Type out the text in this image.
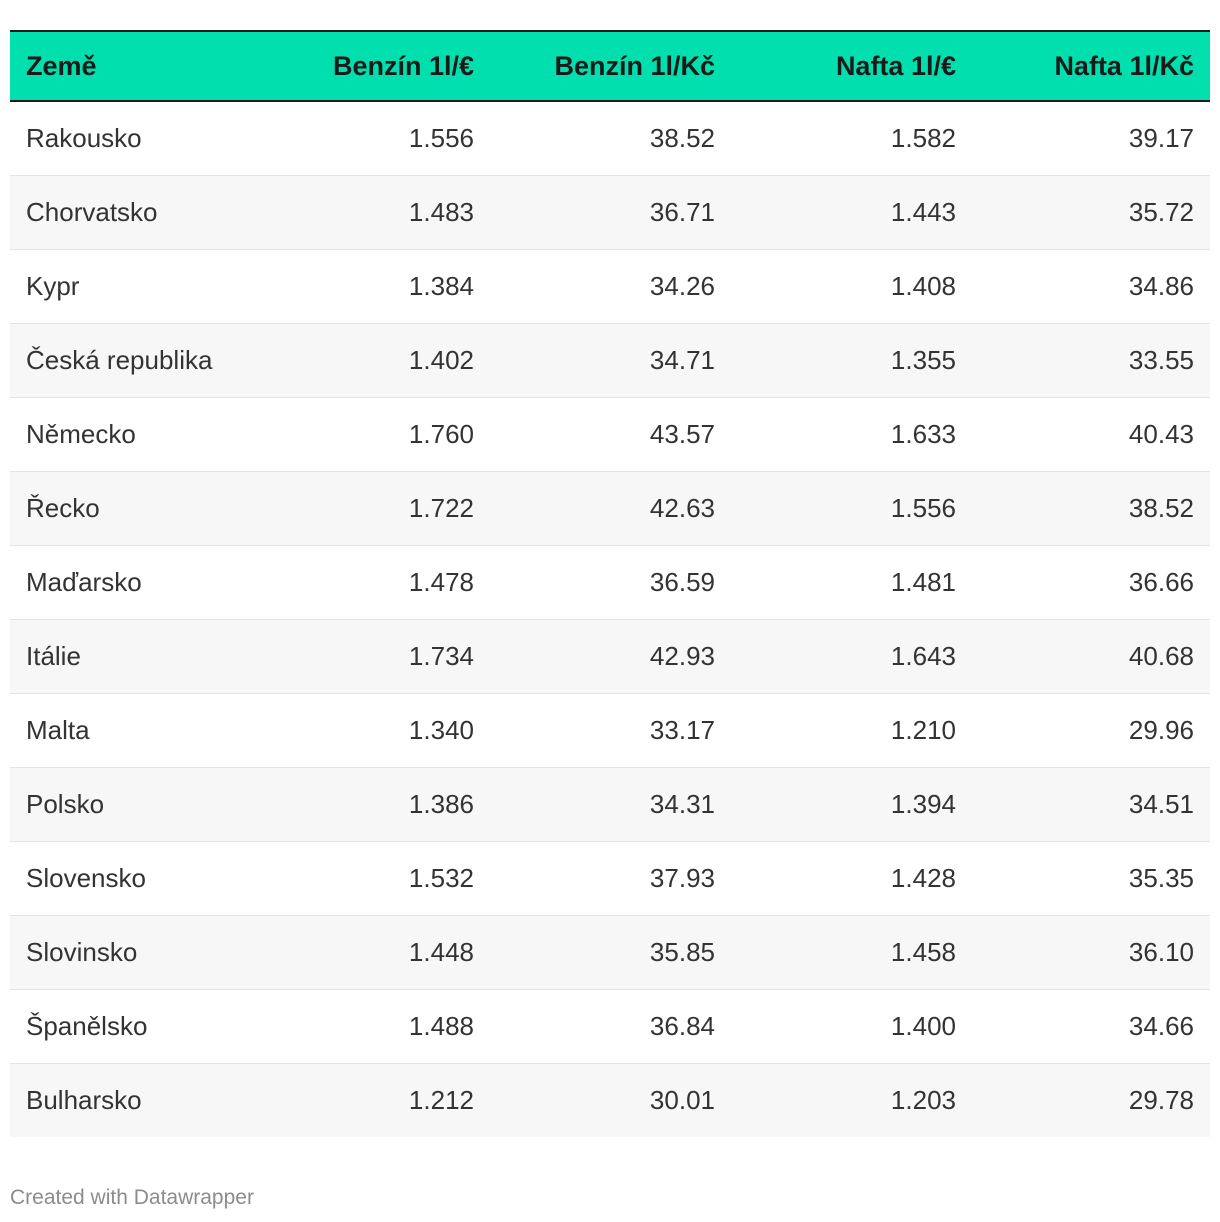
Země	Benzín 1l/€	Benzín 1l/Kč	Nafta 1l/€	Nafta 1l/Kč
Rakousko	1.556	38.52	1.582	39.17
Chorvatsko	1.483	36.71	1.443	35.72
Kypr	1.384	34.26	1.408	34.86
Česká republika	1.402	34.71	1.355	33.55
Německo	1.760	43.57	1.633	40.43
Řecko	1.722	42.63	1.556	38.52
Maďarsko	1.478	36.59	1.481	36.66
Itálie	1.734	42.93	1.643	40.68
Malta	1.340	33.17	1.210	29.96
Polsko	1.386	34.31	1.394	34.51
Slovensko	1.532	37.93	1.428	35.35
Slovinsko	1.448	35.85	1.458	36.10
Španělsko	1.488	36.84	1.400	34.66
Bulharsko	1.212	30.01	1.203	29.78
Created with Datawrapper
